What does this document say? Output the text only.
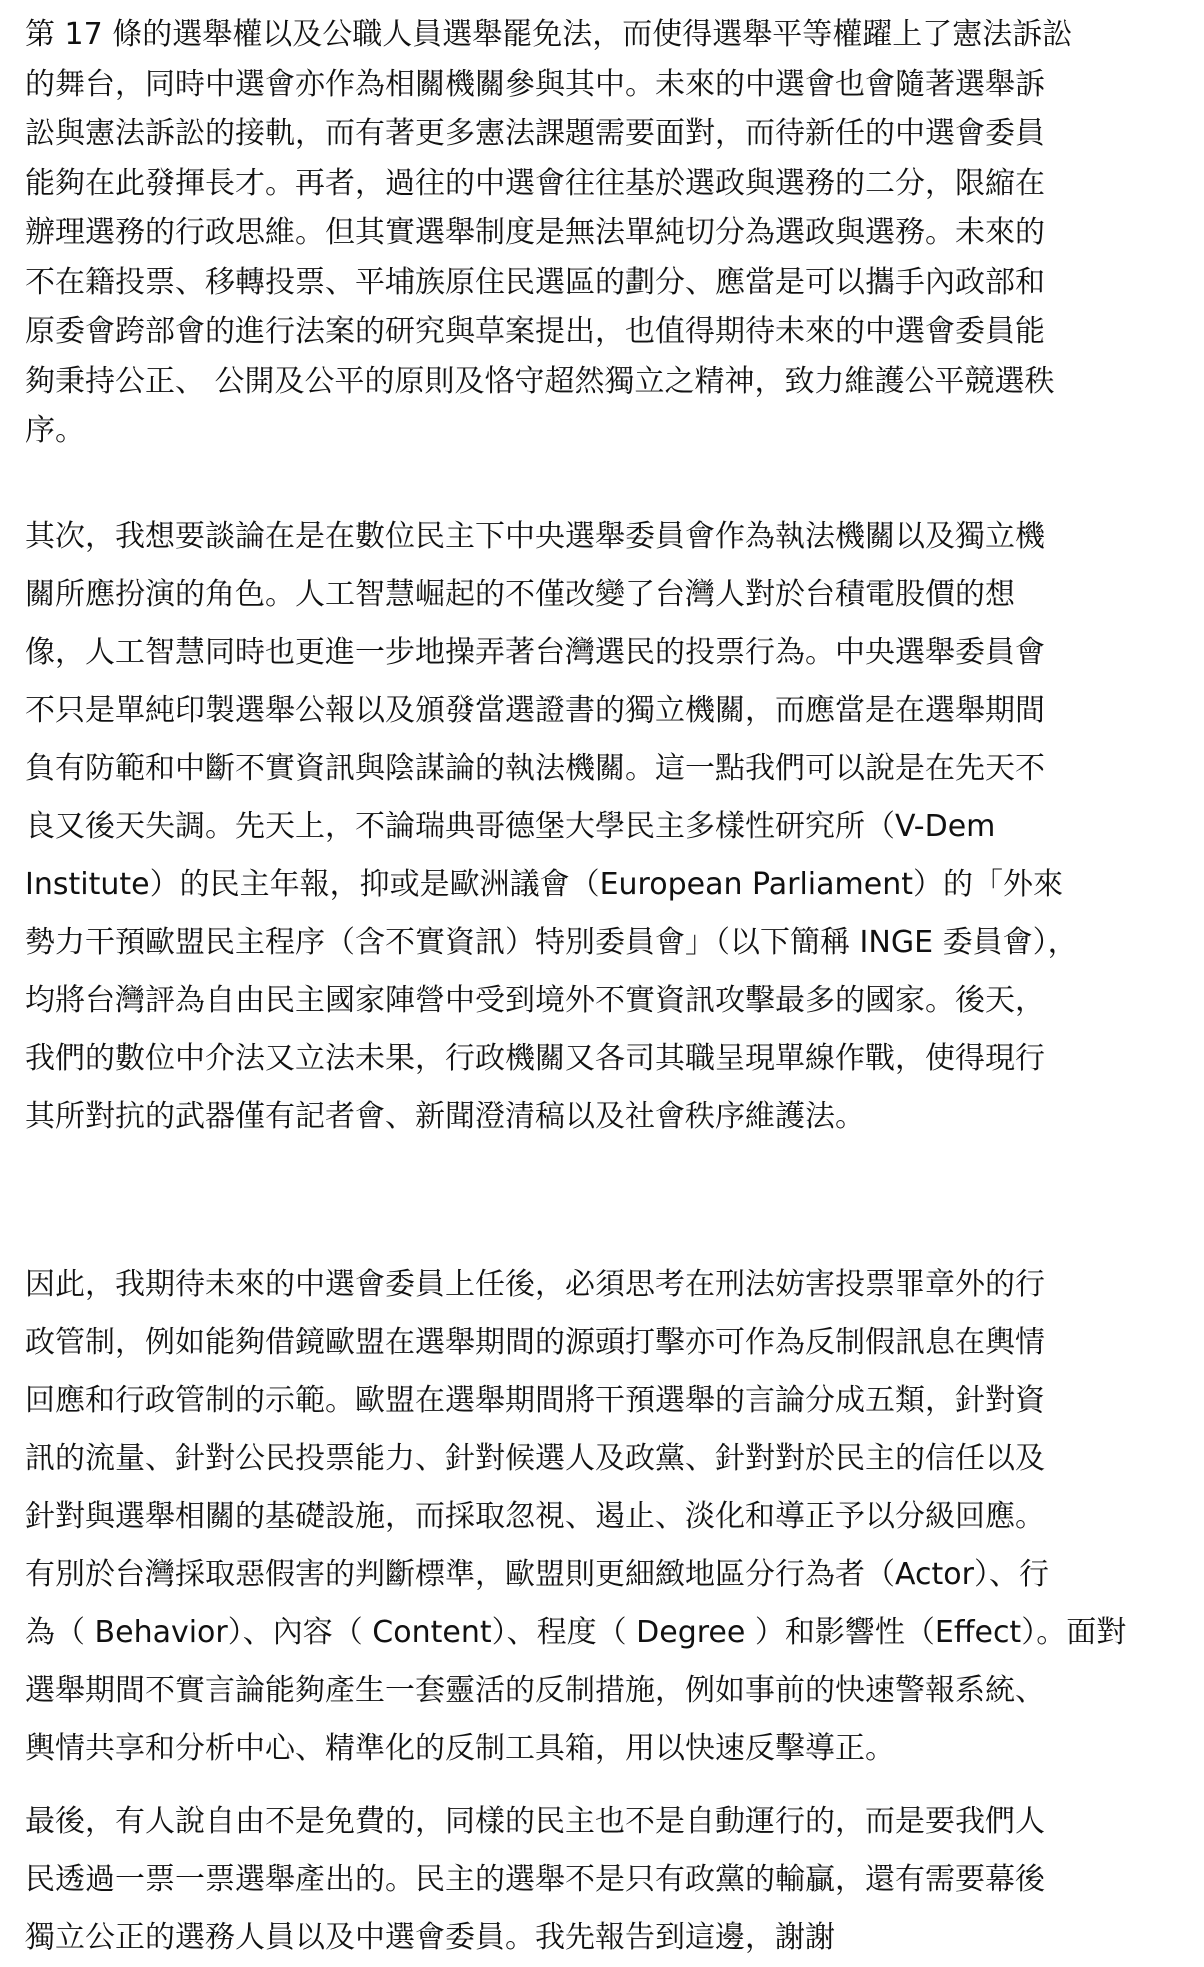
第 17 條的選舉權以及公職人員選舉罷免法，而使得選舉平等權躍上了憲法訴訟
的舞台，同時中選會亦作為相關機關參與其中。未來的中選會也會隨著選舉訴
訟與憲法訴訟的接軌，而有著更多憲法課題需要面對，而待新任的中選會委員
能夠在此發揮長才。再者，過往的中選會往往基於選政與選務的二分，限縮在
辦理選務的行政思維。但其實選舉制度是無法單純切分為選政與選務。未來的
不在籍投票、移轉投票、平埔族原住民選區的劃分、應當是可以攜手內政部和
原委會跨部會的進行法案的研究與草案提出，也值得期待未來的中選會委員能
夠秉持公正、 公開及公平的原則及恪守超然獨立之精神，致力維護公平競選秩
序。

其次，我想要談論在是在數位民主下中央選舉委員會作為執法機關以及獨立機
關所應扮演的角色。人工智慧崛起的不僅改變了台灣人對於台積電股價的想
像，人工智慧同時也更進一步地操弄著台灣選民的投票行為。中央選舉委員會
不只是單純印製選舉公報以及頒發當選證書的獨立機關，而應當是在選舉期間
負有防範和中斷不實資訊與陰謀論的執法機關。這一點我們可以說是在先天不
良又後天失調。先天上，不論瑞典哥德堡大學民主多樣性研究所（V-Dem
Institute）的民主年報，抑或是歐洲議會（European Parliament）的「外來
勢力干預歐盟民主程序（含不實資訊）特別委員會」（以下簡稱 INGE 委員會），
均將台灣評為自由民主國家陣營中受到境外不實資訊攻擊最多的國家。後天，
我們的數位中介法又立法未果，行政機關又各司其職呈現單線作戰，使得現行
其所對抗的武器僅有記者會、新聞澄清稿以及社會秩序維護法。

因此，我期待未來的中選會委員上任後，必須思考在刑法妨害投票罪章外的行
政管制，例如能夠借鏡歐盟在選舉期間的源頭打擊亦可作為反制假訊息在輿情
回應和行政管制的示範。歐盟在選舉期間將干預選舉的言論分成五類，針對資
訊的流量、針對公民投票能力、針對候選人及政黨、針對對於民主的信任以及
針對與選舉相關的基礎設施，而採取忽視、遏止、淡化和導正予以分級回應。
有別於台灣採取惡假害的判斷標準，歐盟則更細緻地區分行為者（Actor）、行
為（ Behavior）、內容（ Content）、程度（ Degree ）和影響性（Effect）。面對
選舉期間不實言論能夠產生一套靈活的反制措施，例如事前的快速警報系統、
輿情共享和分析中心、精準化的反制工具箱，用以快速反擊導正。

最後，有人說自由不是免費的，同樣的民主也不是自動運行的，而是要我們人
民透過一票一票選舉產出的。民主的選舉不是只有政黨的輸贏，還有需要幕後
獨立公正的選務人員以及中選會委員。我先報告到這邊，謝謝
